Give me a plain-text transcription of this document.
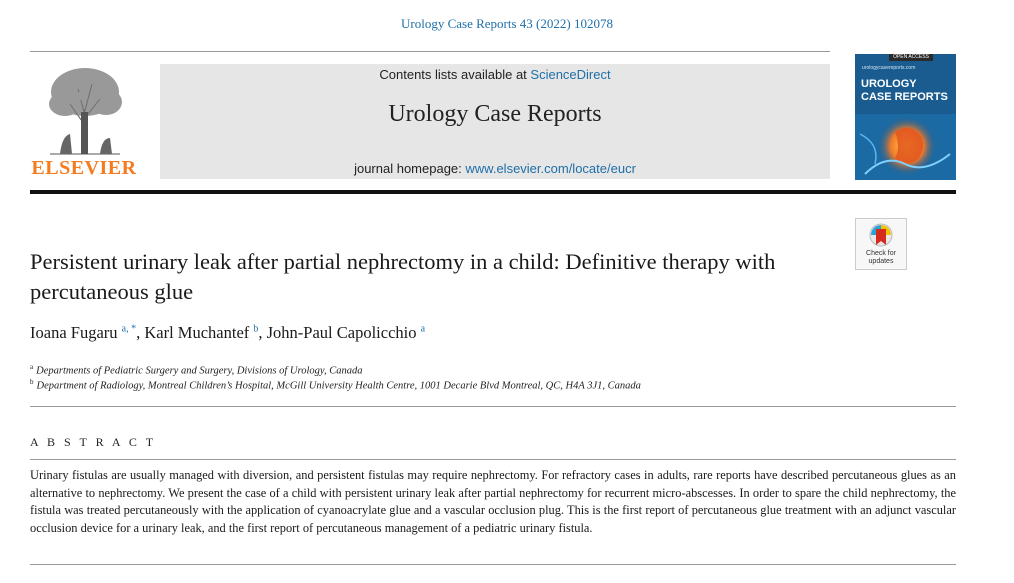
Urology Case Reports 43 (2022) 102078
ELSEVIER
Contents lists available at ScienceDirect
Urology Case Reports
journal homepage: www.elsevier.com/locate/eucr
OPEN ACCESS
urologycasereports.com
UROLOGY
CASE REPORTS
Check for
updates
Persistent urinary leak after partial nephrectomy in a child: Definitive therapy with percutaneous glue
Ioana Fugaru $^{a, *}$, Karl Muchantef $^b$, John-Paul Capolicchio $^a$
$^a$ Departments of Pediatric Surgery and Surgery, Divisions of Urology, Canada
$^b$ Department of Radiology, Montreal Children’s Hospital, McGill University Health Centre, 1001 Decarie Blvd Montreal, QC, H4A 3J1, Canada
A B S T R A C T
Urinary fistulas are usually managed with diversion, and persistent fistulas may require nephrectomy. For refractory cases in adults, rare reports have described percutaneous glues as an alternative to nephrectomy. We present the case of a child with persistent urinary leak after partial nephrectomy for recurrent micro-abscesses. In order to spare the child nephrectomy, the fistula was treated percutaneously with the application of cyanoacrylate glue and a vascular occlusion plug. This is the first report of percutaneous glue treatment with an adjunct vascular occlusion device for a urinary leak, and the first report of percutaneous management of a pediatric urinary fistula.
